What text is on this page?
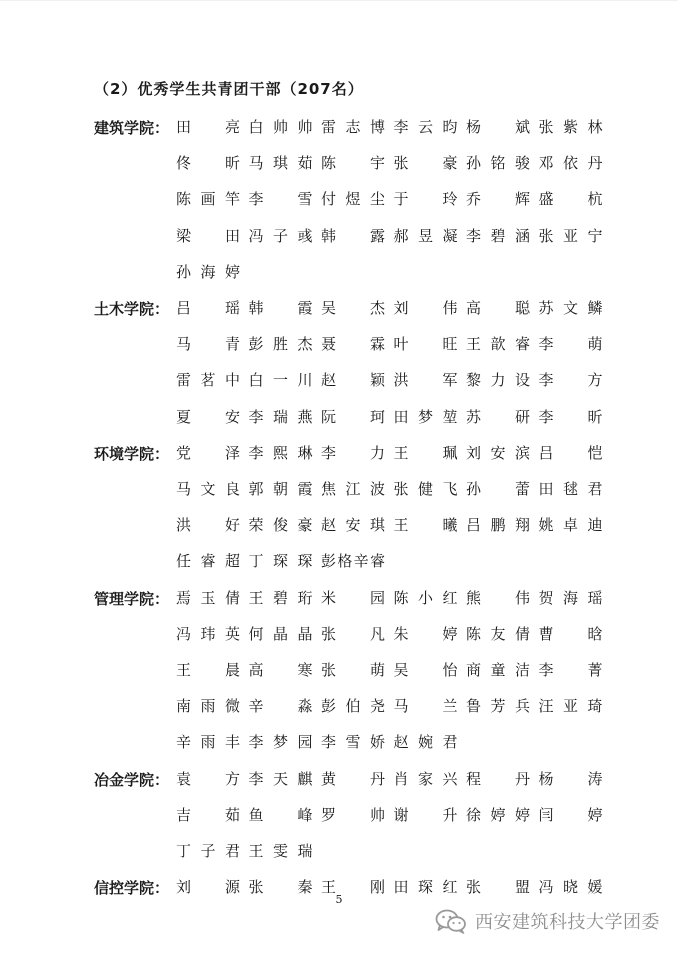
（2）优秀学生共青团干部（207名）
建筑学院： 田　亮 白帅帅 雷志博 李云昀 杨　斌 张紫林
佟　昕 马琪茹 陈　宇 张　豪 孙铭骏 邓依丹
陈画竿 李　雪 付煜尘 于　玲 乔　辉 盛　杭
梁　田 冯子彧 韩　露 郝昱凝 李碧涵 张亚宁
孙海婷
土木学院： 吕　瑶 韩　霞 吴　杰 刘　伟 高　聪 苏文鳞
马　青 彭胜杰 聂　霖 叶　旺 王歆睿 李　萌
雷茗中 白一川 赵　颖 洪　军 黎力设 李　方
夏　安 李瑞燕 阮　珂 田梦堃 苏　研 李　昕
环境学院： 党　泽 李熙琳 李　力 王　珮 刘安滨 吕　恺
马文良 郭朝霞 焦江波 张健飞 孙　蕾 田毬君
洪　好 荣俊豪 赵安琪 王　曦 吕鹏翔 姚卓迪
任睿超 丁琛琛 彭格辛睿
管理学院： 焉玉倩 王碧珩 米　园 陈小红 熊　伟 贺海瑶
冯玮英 何晶晶 张　凡 朱　婷 陈友倩 曹　晗
王　晨 高　寒 张　萌 吴　怡 商童洁 李　菁
南雨微 辛　淼 彭伯尧 马　兰 鲁芳兵 汪亚琦
辛雨丰 李梦园 李雪娇 赵婉君
冶金学院： 袁　方 李天麒 黄　丹 肖家兴 程　丹 杨　涛
吉　茹 鱼　峰 罗　帅 谢　升 徐婷婷 闫　婷
丁子君 王雯瑞
信控学院： 刘　源 张　秦 王　刚 田琛红 张　盟 冯晓媛
5
西安建筑科技大学团委
